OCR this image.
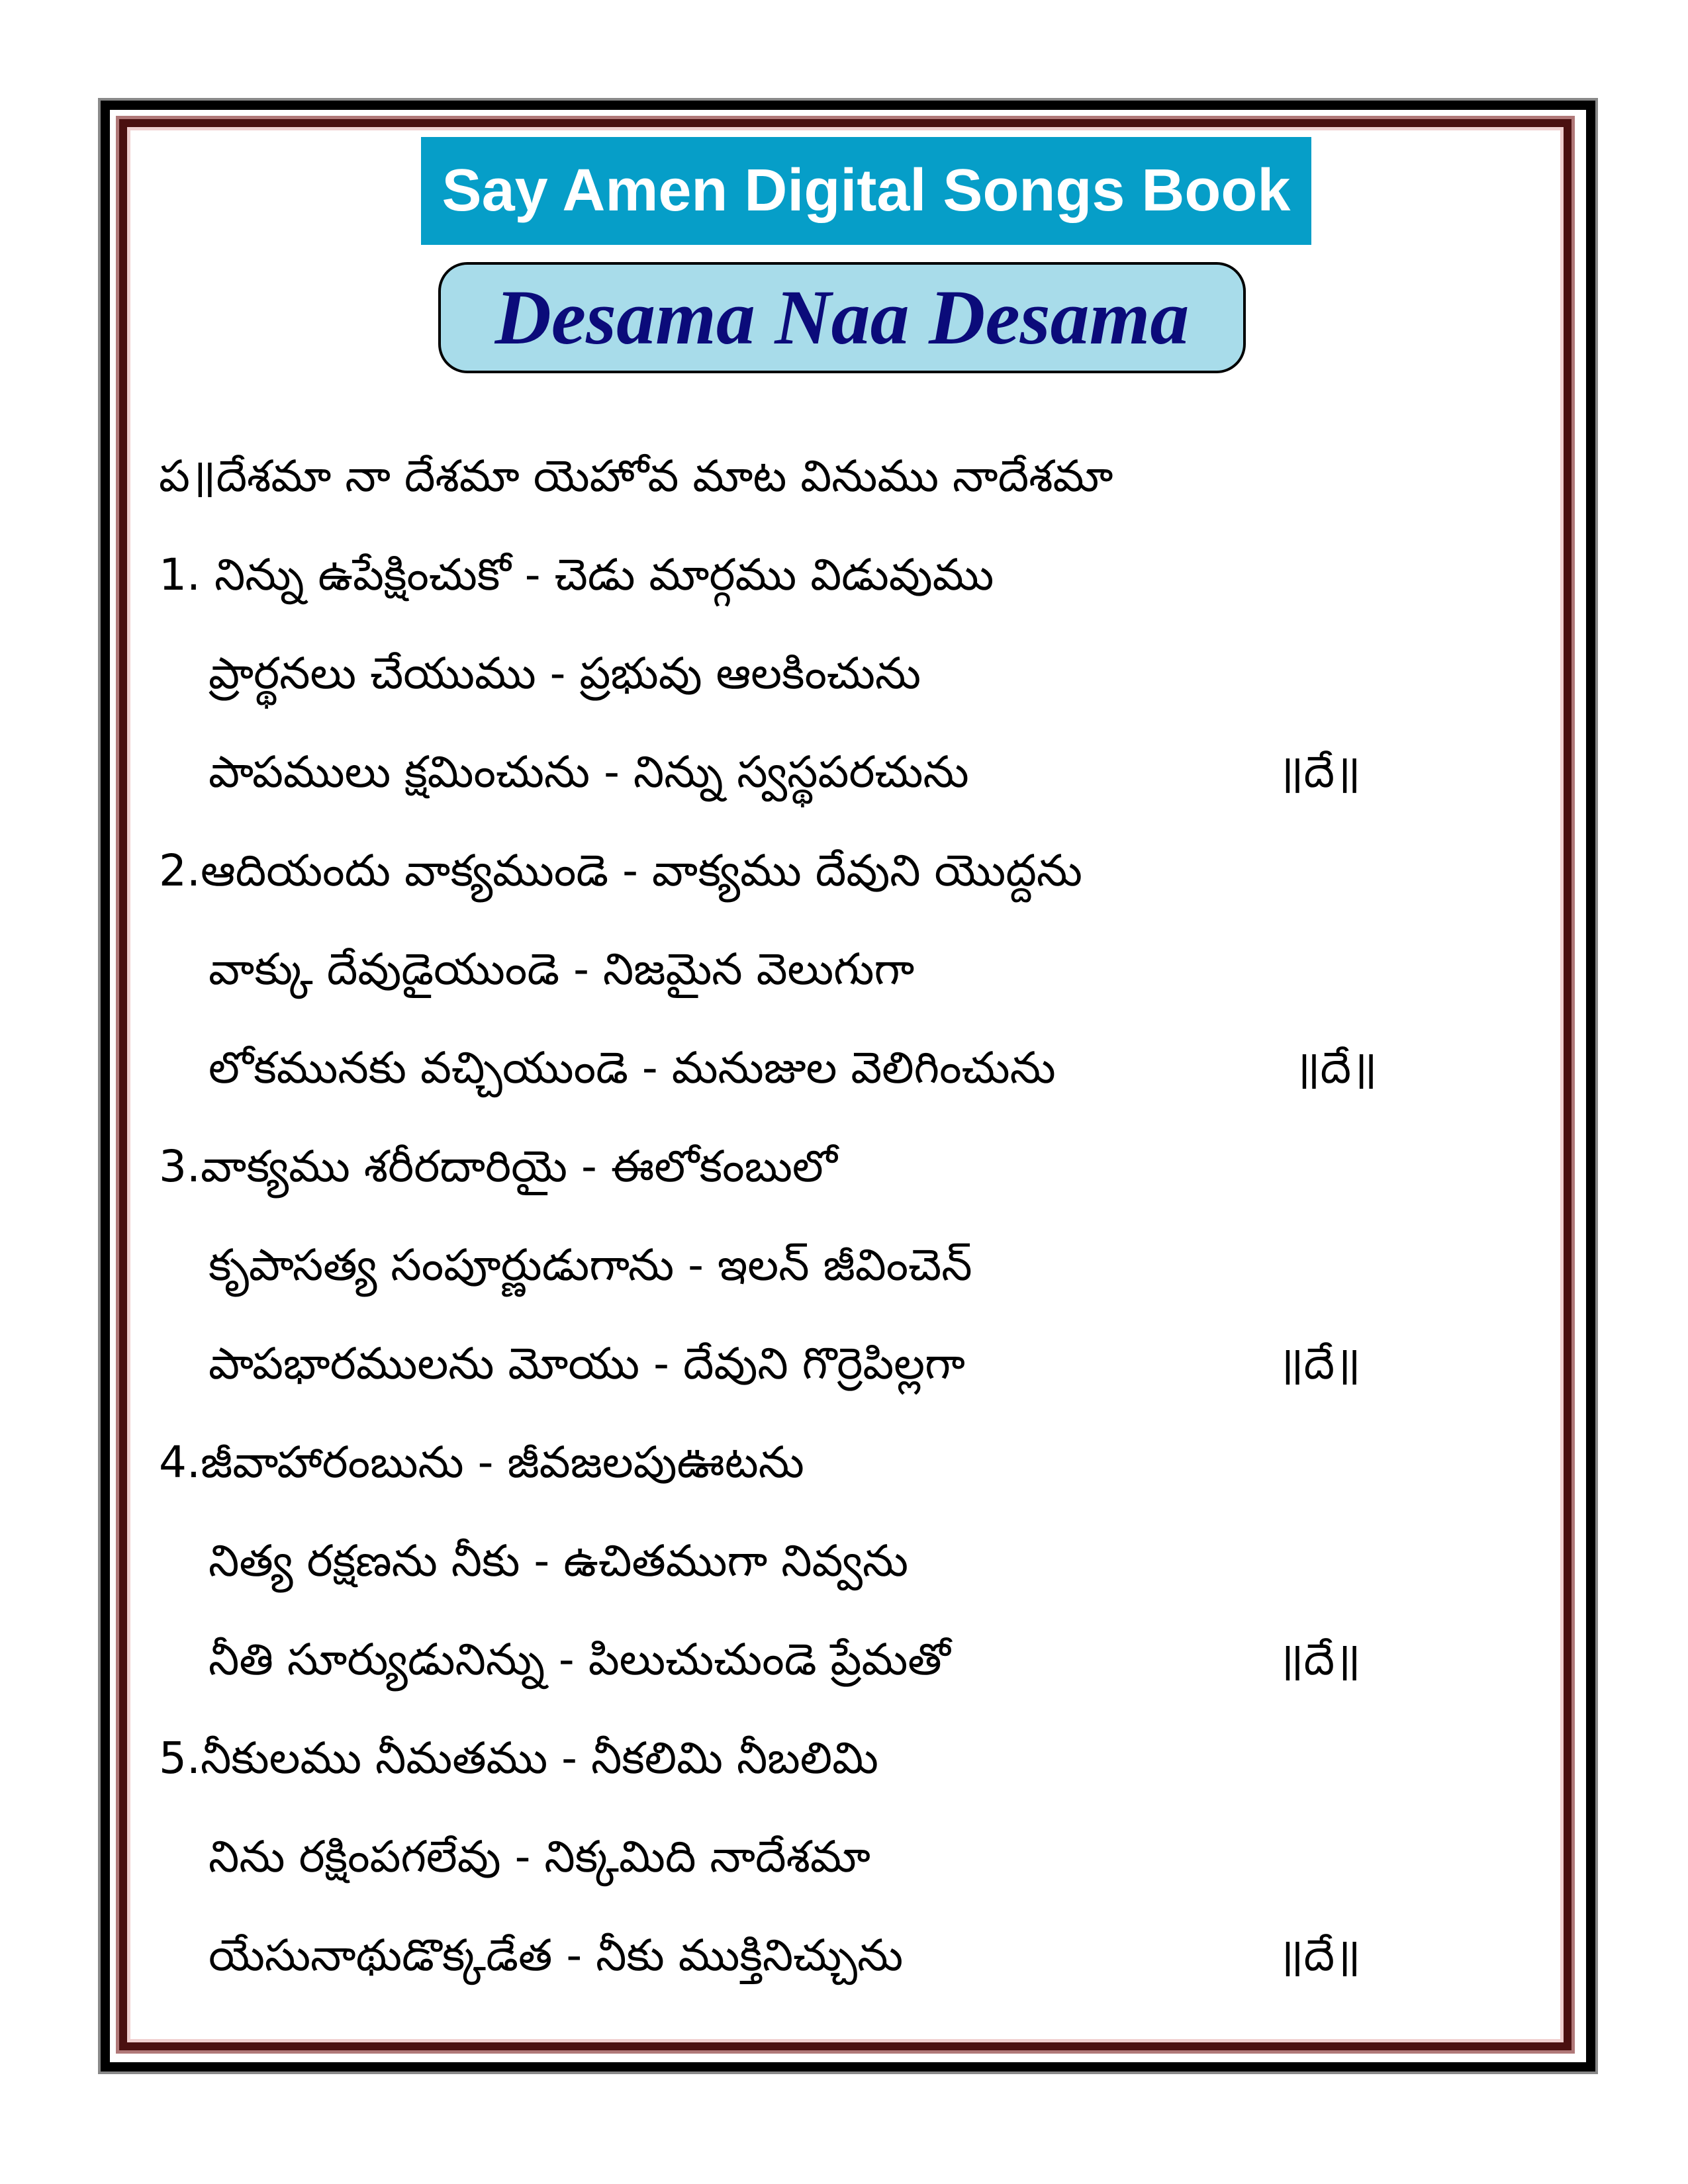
Say Amen Digital Songs Book
Desama Naa Desama
ప॥దేశమా నా దేశమా యెహోవ మాట వినుము నాదేశమా
1. నిన్ను ఉపేక్షించుకో - చెడు మార్గము విడువుము
ప్రార్థనలు చేయుము - ప్రభువు ఆలకించును
పాపములు క్షమించును - నిన్ను స్వస్థపరచును	॥దే॥
2.ఆదియందు వాక్యముండె - వాక్యము దేవుని యొద్దను
వాక్కు దేవుడైయుండె - నిజమైన వెలుగుగా
లోకమునకు వచ్చియుండె - మనుజుల వెలిగించును	॥దే॥
3.వాక్యము శరీరదారియై - ఈలోకంబులో
కృపాసత్య సంపూర్ణుడుగాను - ఇలన్ జీవించెన్
పాపభారములను మోయు - దేవుని గొర్రెపిల్లగా	॥దే॥
4.జీవాహారంబును - జీవజలపుఊటను
నిత్య రక్షణను నీకు - ఉచితముగా నివ్వను
నీతి సూర్యుడునిన్ను - పిలుచుచుండె ప్రేమతో	॥దే॥
5.నీకులము నీమతము - నీకలిమి నీబలిమి
నిను రక్షింపగలేవు - నిక్కమిది నాదేశమా
యేసునాథుడొక్కడేత - నీకు ముక్తినిచ్చును	॥దే॥
